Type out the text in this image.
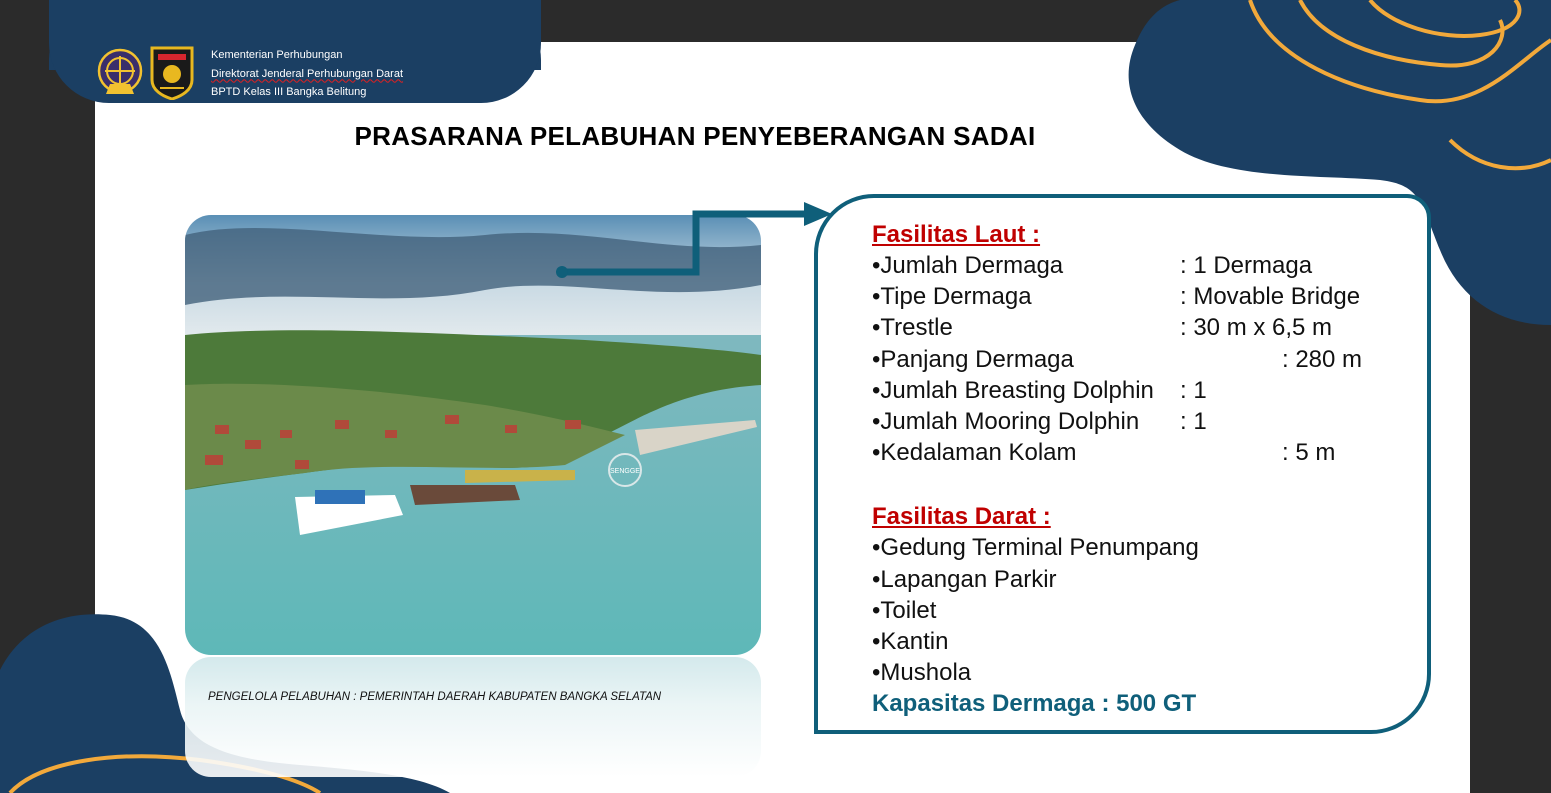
Kementerian Perhubungan
Direktorat Jenderal Perhubungan Darat
BPTD Kelas III Bangka Belitung
PRASARANA PELABUHAN PENYEBERANGAN SADAI
SENGGE
PENGELOLA PELABUHAN : PEMERINTAH DAERAH KABUPATEN BANGKA SELATAN
Fasilitas Laut :
•Jumlah Dermaga	: 1 Dermaga
•Tipe Dermaga	: Movable Bridge
•Trestle	: 30 m x 6,5 m
•Panjang Dermaga	: 280 m
•Jumlah Breasting Dolphin : 1
•Jumlah Mooring Dolphin : 1
•Kedalaman Kolam	: 5 m
Fasilitas Darat :
•Gedung Terminal Penumpang
•Lapangan Parkir
•Toilet
•Kantin
•Mushola
Kapasitas Dermaga : 500 GT
